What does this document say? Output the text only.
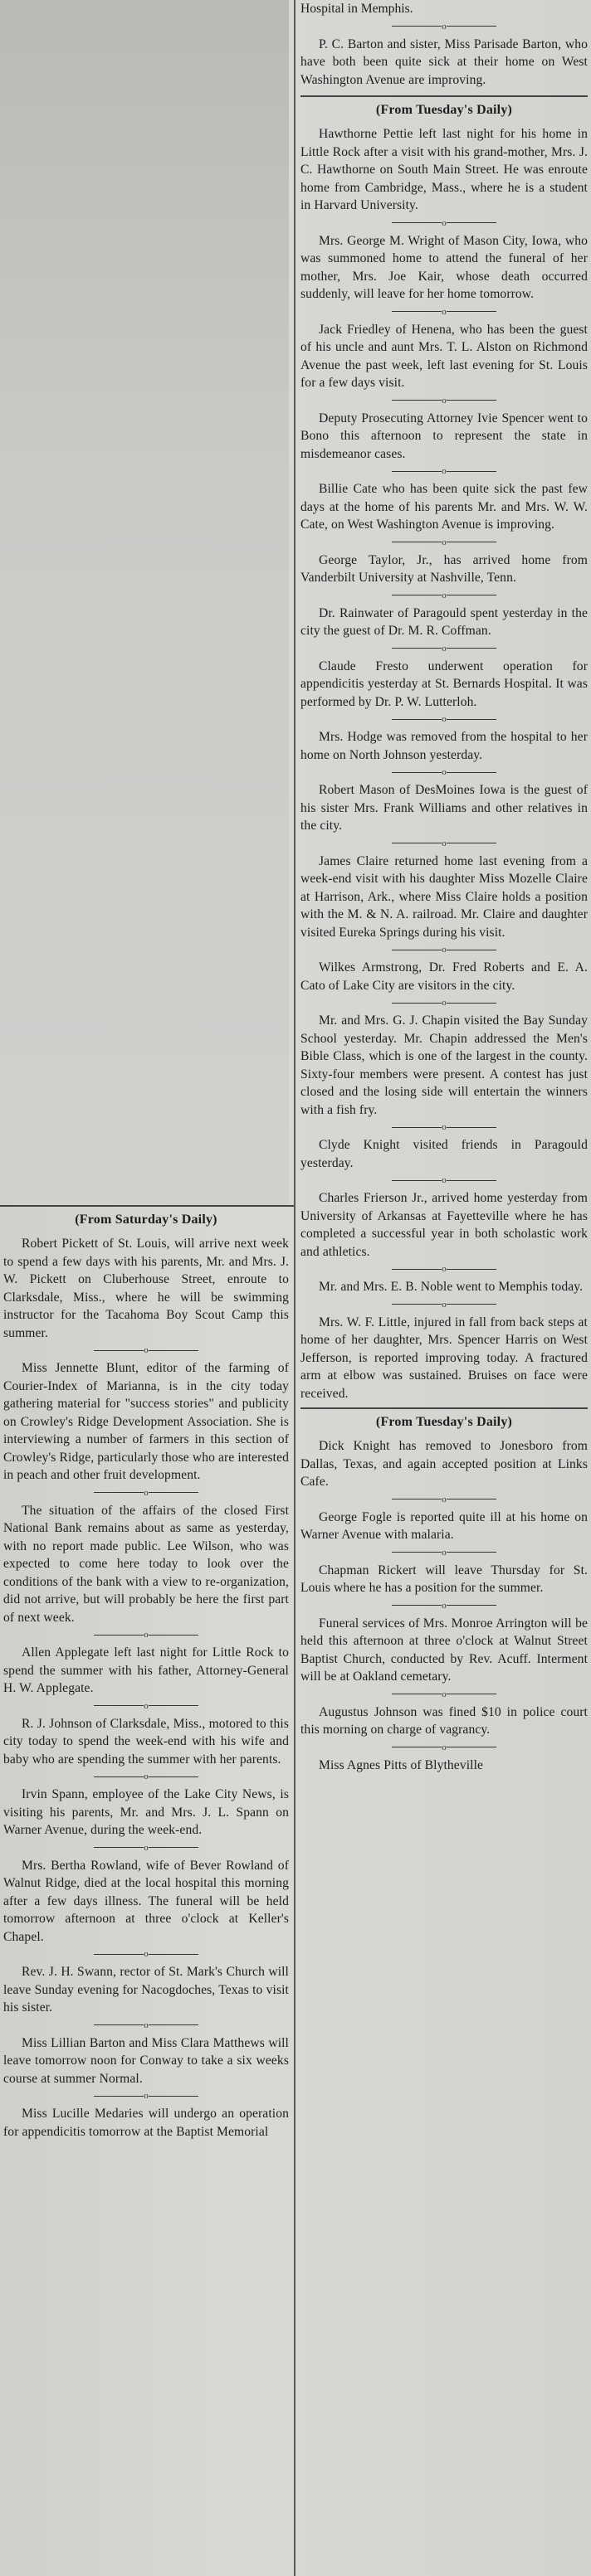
Hospital in Memphis.

o

P. C. Barton and sister, Miss Parisade Barton, who have both been quite sick at their home on West Washington Avenue are improving.

(From Tuesday's Daily)

Hawthorne Pettie left last night for his home in Little Rock after a visit with his grand-mother, Mrs. J. C. Hawthorne on South Main Street. He was enroute home from Cambridge, Mass., where he is a student in Harvard University.

o

Mrs. George M. Wright of Mason City, Iowa, who was summoned home to attend the funeral of her mother, Mrs. Joe Kair, whose death occurred suddenly, will leave for her home tomorrow.

o

Jack Friedley of Henena, who has been the guest of his uncle and aunt Mrs. T. L. Alston on Richmond Avenue the past week, left last evening for St. Louis for a few days visit.

o

Deputy Prosecuting Attorney Ivie Spencer went to Bono this afternoon to represent the state in misdemeanor cases.

o

Billie Cate who has been quite sick the past few days at the home of his parents Mr. and Mrs. W. W. Cate, on West Washington Avenue is improving.

o

George Taylor, Jr., has arrived home from Vanderbilt University at Nashville, Tenn.

o

Dr. Rainwater of Paragould spent yesterday in the city the guest of Dr. M. R. Coffman.

o

Claude Fresto underwent operation for appendicitis yesterday at St. Bernards Hospital. It was performed by Dr. P. W. Lutterloh.

o

Mrs. Hodge was removed from the hospital to her home on North Johnson yesterday.

o

Robert Mason of DesMoines Iowa is the guest of his sister Mrs. Frank Williams and other relatives in the city.

o

James Claire returned home last evening from a week-end visit with his daughter Miss Mozelle Claire at Harrison, Ark., where Miss Claire holds a position with the M. & N. A. railroad. Mr. Claire and daughter visited Eureka Springs during his visit.

o

Wilkes Armstrong, Dr. Fred Roberts and E. A. Cato of Lake City are visitors in the city.

o

Mr. and Mrs. G. J. Chapin visited the Bay Sunday School yesterday. Mr. Chapin addressed the Men's Bible Class, which is one of the largest in the county. Sixty-four members were present. A contest has just closed and the losing side will entertain the winners with a fish fry.

o

Clyde Knight visited friends in Paragould yesterday.

o

Charles Frierson Jr., arrived home yesterday from University of Arkansas at Fayetteville where he has completed a successful year in both scholastic work and athletics.

o

Mr. and Mrs. E. B. Noble went to Memphis today.

o

Mrs. W. F. Little, injured in fall from back steps at home of her daughter, Mrs. Spencer Harris on West Jefferson, is reported improving today. A fractured arm at elbow was sustained. Bruises on face were received.

(From Tuesday's Daily)

Dick Knight has removed to Jonesboro from Dallas, Texas, and again accepted position at Links Cafe.

o

George Fogle is reported quite ill at his home on Warner Avenue with malaria.

o

Chapman Rickert will leave Thursday for St. Louis where he has a position for the summer.

o

Funeral services of Mrs. Monroe Arrington will be held this afternoon at three o'clock at Walnut Street Baptist Church, conducted by Rev. Acuff. Interment will be at Oakland cemetary.

o

Augustus Johnson was fined $10 in police court this morning on charge of vagrancy.

o

Miss Agnes Pitts of Blytheville

(From Saturday's Daily)

Robert Pickett of St. Louis, will arrive next week to spend a few days with his parents, Mr. and Mrs. J. W. Pickett on Cluberhouse Street, enroute to Clarksdale, Miss., where he will be swimming instructor for the Tacahoma Boy Scout Camp this summer.

o

Miss Jennette Blunt, editor of the farming of Courier-Index of Marianna, is in the city today gathering material for "success stories" and publicity on Crowley's Ridge Development Association. She is interviewing a number of farmers in this section of Crowley's Ridge, particularly those who are interested in peach and other fruit development.

o

The situation of the affairs of the closed First National Bank remains about as same as yesterday, with no report made public. Lee Wilson, who was expected to come here today to look over the conditions of the bank with a view to re-organization, did not arrive, but will probably be here the first part of next week.

o

Allen Applegate left last night for Little Rock to spend the summer with his father, Attorney-General H. W. Applegate.

o

R. J. Johnson of Clarksdale, Miss., motored to this city today to spend the week-end with his wife and baby who are spending the summer with her parents.

o

Irvin Spann, employee of the Lake City News, is visiting his parents, Mr. and Mrs. J. L. Spann on Warner Avenue, during the week-end.

o

Mrs. Bertha Rowland, wife of Bever Rowland of Walnut Ridge, died at the local hospital this morning after a few days illness. The funeral will be held tomorrow afternoon at three o'clock at Keller's Chapel.

o

Rev. J. H. Swann, rector of St. Mark's Church will leave Sunday evening for Nacogdoches, Texas to visit his sister.

o

Miss Lillian Barton and Miss Clara Matthews will leave tomorrow noon for Conway to take a six weeks course at summer Normal.

o

Miss Lucille Medaries will undergo an operation for appendicitis tomorrow at the Baptist Memorial
